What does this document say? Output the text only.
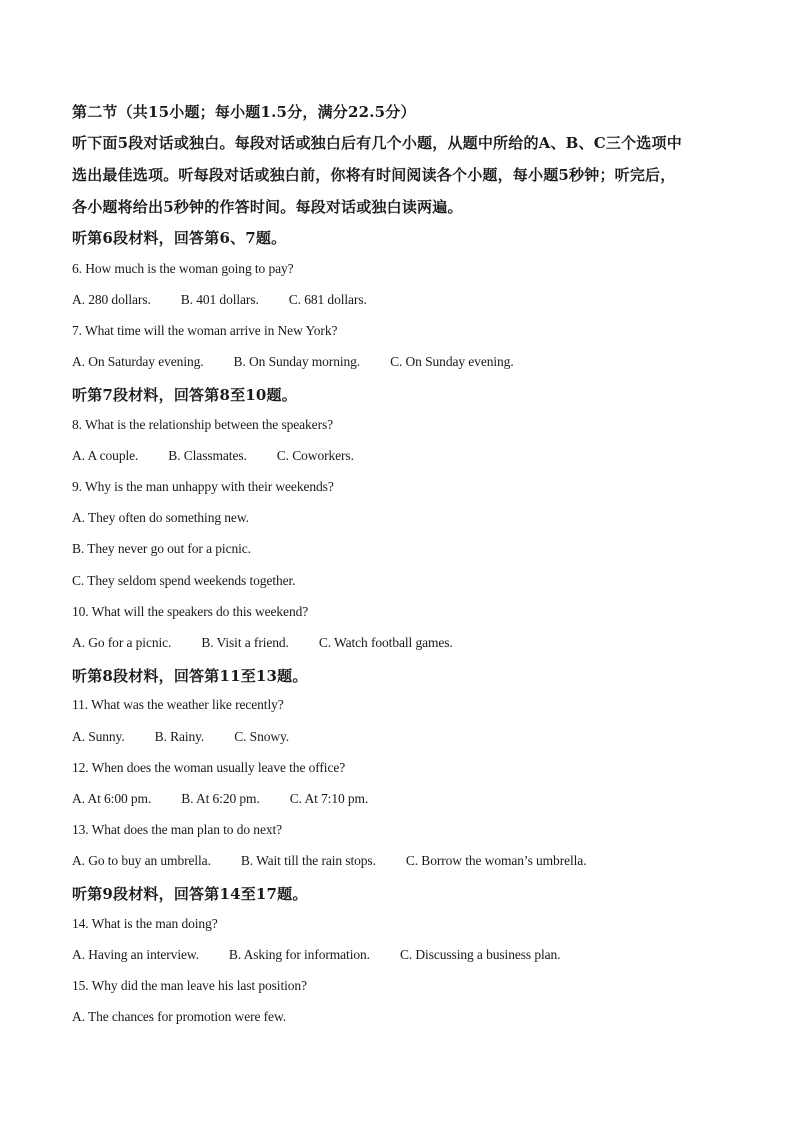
第二节（共15小题；每小题1.5分，满分22.5分）
听下面5段对话或独白。每段对话或独白后有几个小题，从题中所给的A、B、C三个选项中
选出最佳选项。听每段对话或独白前，你将有时间阅读各个小题，每小题5秒钟；听完后，
各小题将给出5秒钟的作答时间。每段对话或独白读两遍。
听第6段材料，回答第6、7题。
6. How much is the woman going to pay?
A. 280 dollars. B. 401 dollars. C. 681 dollars.
7. What time will the woman arrive in New York?
A. On Saturday evening. B. On Sunday morning. C. On Sunday evening.
听第7段材料，回答第8至10题。
8. What is the relationship between the speakers?
A. A couple. B. Classmates. C. Coworkers.
9. Why is the man unhappy with their weekends?
A. They often do something new.
B. They never go out for a picnic.
C. They seldom spend weekends together.
10. What will the speakers do this weekend?
A. Go for a picnic. B. Visit a friend. C. Watch football games.
听第8段材料，回答第11至13题。
11. What was the weather like recently?
A. Sunny. B. Rainy. C. Snowy.
12. When does the woman usually leave the office?
A. At 6:00 pm. B. At 6:20 pm. C. At 7:10 pm.
13. What does the man plan to do next?
A. Go to buy an umbrella. B. Wait till the rain stops. C. Borrow the woman’s umbrella.
听第9段材料，回答第14至17题。
14. What is the man doing?
A. Having an interview. B. Asking for information. C. Discussing a business plan.
15. Why did the man leave his last position?
A. The chances for promotion were few.
